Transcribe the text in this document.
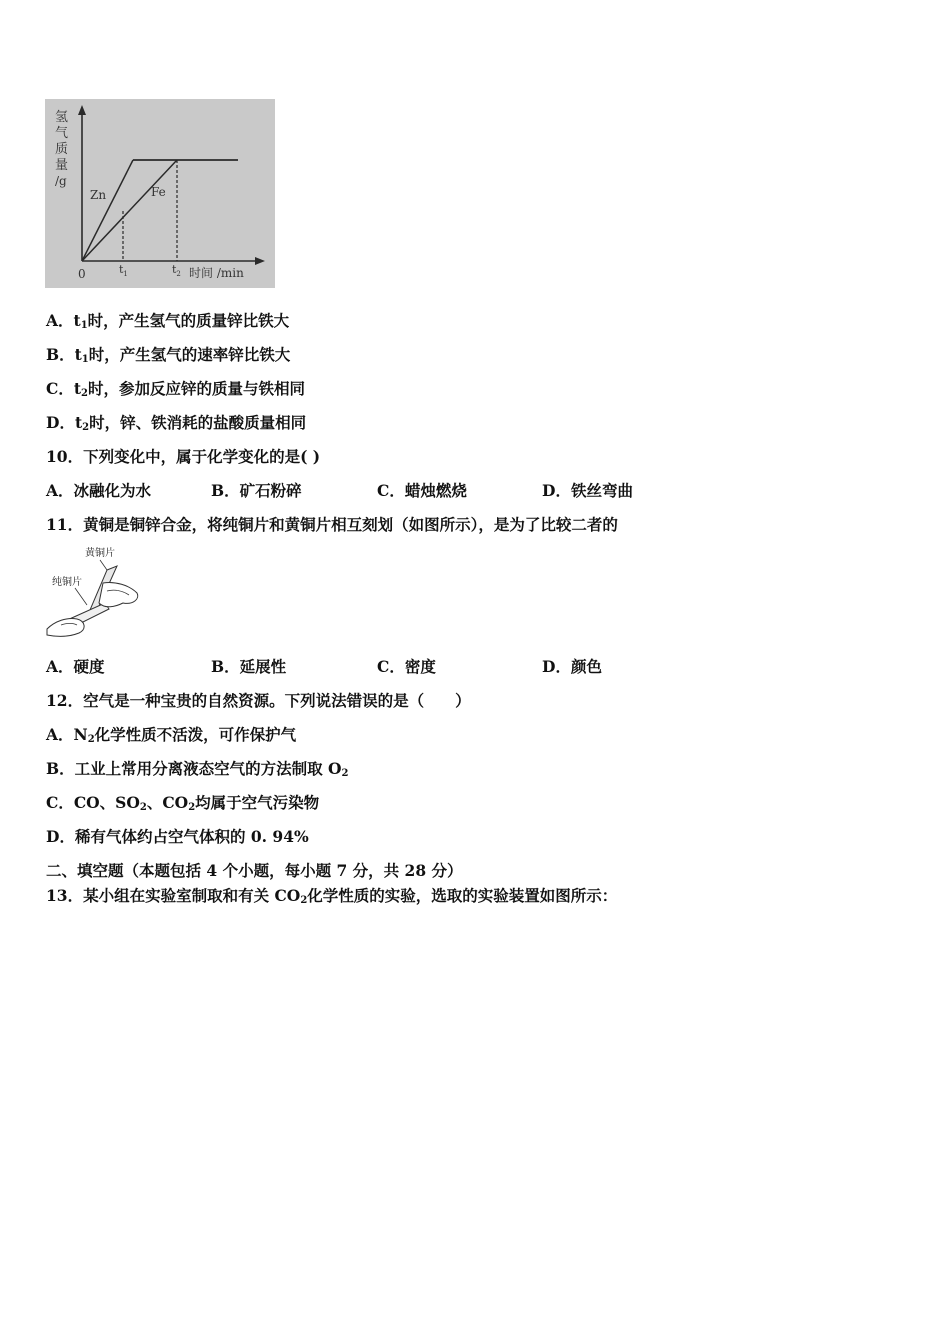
氢
气
质
量
/g
Zn	Fe
0	$t_1$	$t_2$ 时间 /min
A．$t_1$时，产生氢气的质量锌比铁大
B．$t_1$时，产生氢气的速率锌比铁大
C．$t_2$时，参加反应锌的质量与铁相同
D．$t_2$时，锌、铁消耗的盐酸质量相同
10．下列变化中，属于化学变化的是( )
A．冰融化为水	B．矿石粉碎	C．蜡烛燃烧	D．铁丝弯曲
11．黄铜是铜锌合金，将纯铜片和黄铜片相互刻划（如图所示），是为了比较二者的
黄铜片
纯铜片
A．硬度	B．延展性	C．密度	D．颜色
12．空气是一种宝贵的自然资源。下列说法错误的是（　　）
A．$N_2$化学性质不活泼，可作保护气
B．工业上常用分离液态空气的方法制取 $O_2$
C．CO、$SO_2$、$CO_2$均属于空气污染物
D．稀有气体约占空气体积的 0. 94%
二、填空题（本题包括 4 个小题，每小题 7 分，共 28 分）
13．某小组在实验室制取和有关 $CO_2$化学性质的实验，选取的实验装置如图所示：
